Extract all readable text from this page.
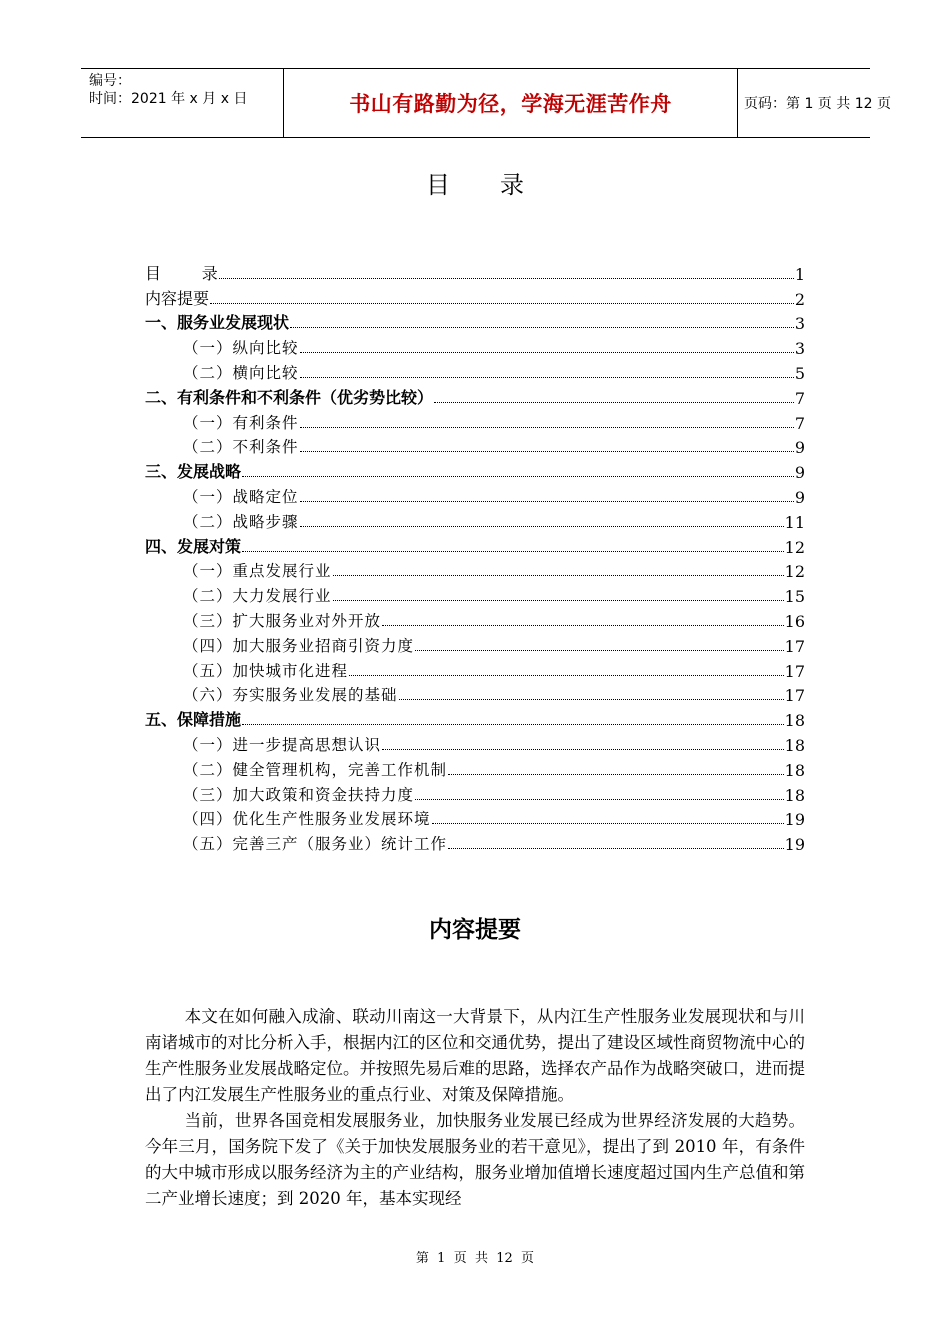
编号：
时间：2021 年 x 月 x 日	书山有路勤为径，学海无涯苦作舟	页码：第 1 页 共 12 页
目 录
目        录	1
内容提要	2
一、服务业发展现状	3
（一）纵向比较	3
（二）横向比较	5
二、有利条件和不利条件（优劣势比较）	7
（一）有利条件	7
（二）不利条件	9
三、发展战略	9
（一）战略定位	9
（二）战略步骤	11
四、发展对策	12
（一）重点发展行业	12
（二）大力发展行业	15
（三）扩大服务业对外开放	16
（四）加大服务业招商引资力度	17
（五）加快城市化进程	17
（六）夯实服务业发展的基础	17
五、保障措施	18
（一）进一步提高思想认识	18
（二）健全管理机构，完善工作机制	18
（三）加大政策和资金扶持力度	18
（四）优化生产性服务业发展环境	19
（五）完善三产（服务业）统计工作	19
内容提要

本文在如何融入成渝、联动川南这一大背景下，从内江生产性服务业发展现状和与川南诸城市的对比分析入手，根据内江的区位和交通优势，提出了建设区域性商贸物流中心的生产性服务业发展战略定位。并按照先易后难的思路，选择农产品作为战略突破口，进而提出了内江发展生产性服务业的重点行业、对策及保障措施。

当前，世界各国竞相发展服务业，加快服务业发展已经成为世界经济发展的大趋势。今年三月，国务院下发了《关于加快发展服务业的若干意见》，提出了到 2010 年，有条件的大中城市形成以服务经济为主的产业结构，服务业增加值增长速度超过国内生产总值和第二产业增长速度；到 2020 年，基本实现经

第  1  页  共  12  页
